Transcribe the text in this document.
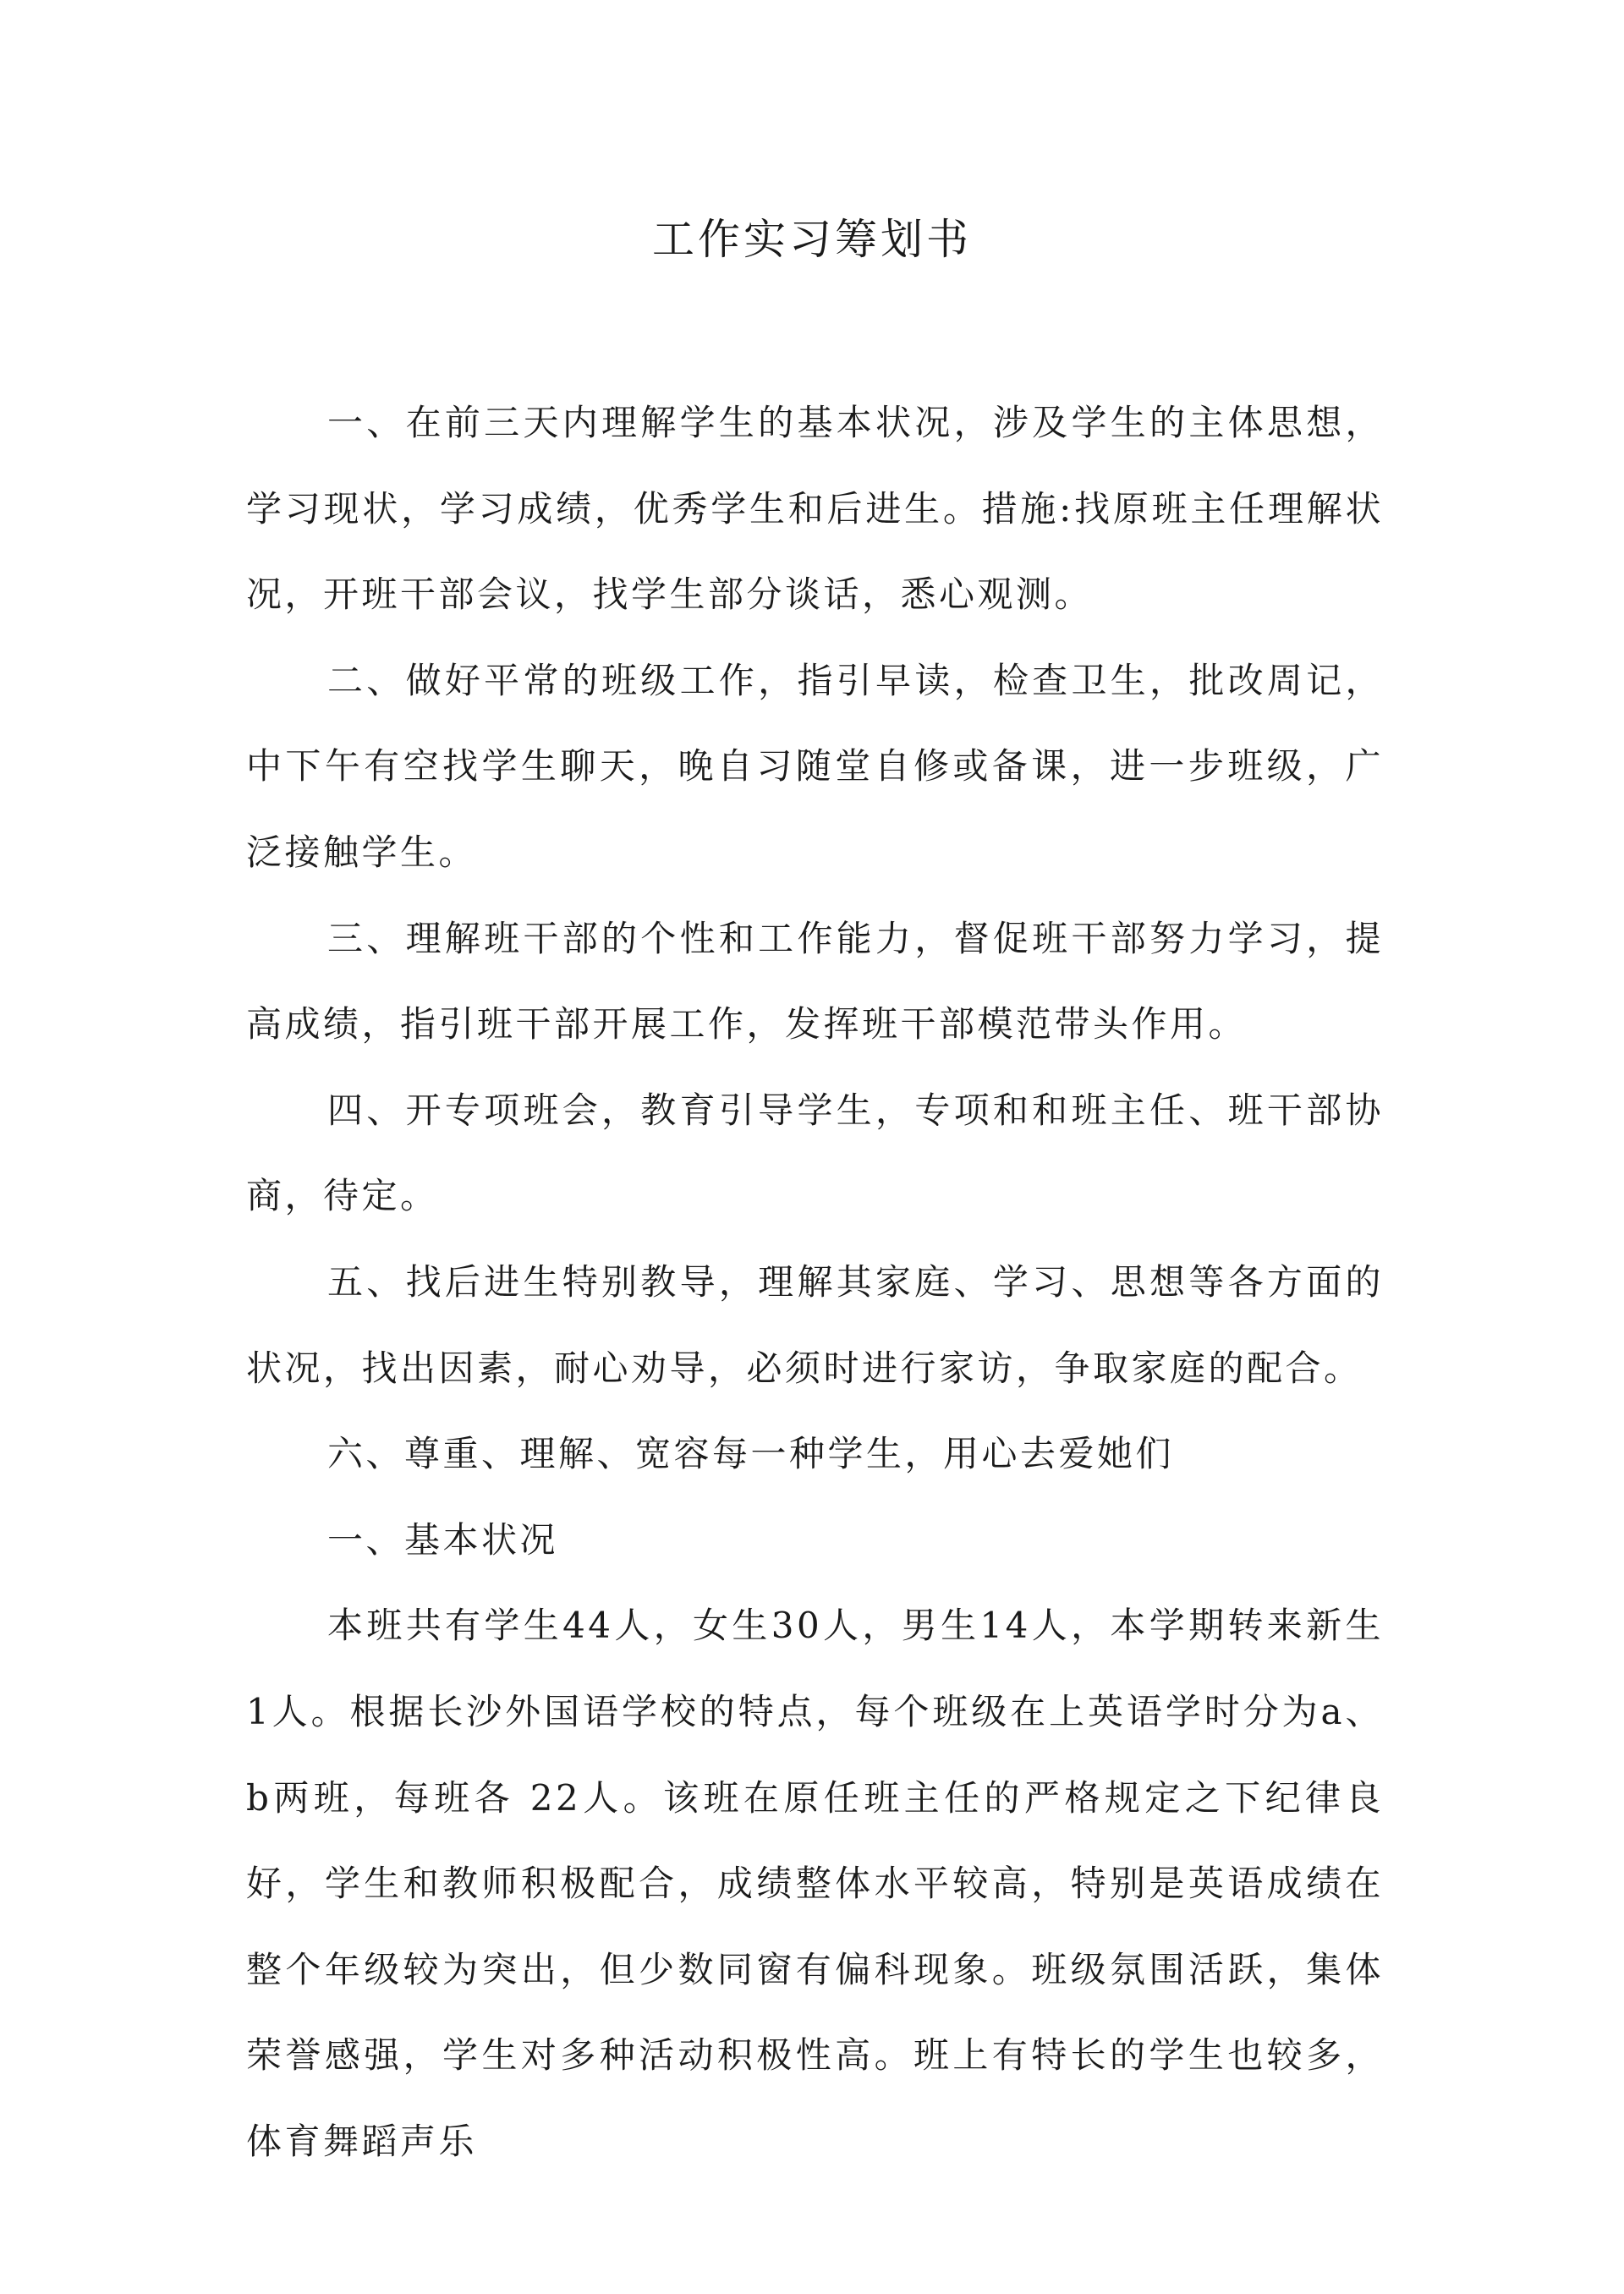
工作实习筹划书

一、在前三天内理解学生的基本状况，涉及学生的主体思想，学习现状，学习成绩，优秀学生和后进生。措施:找原班主任理解状况，开班干部会议，找学生部分谈话，悉心观测。

二、做好平常的班级工作，指引早读，检查卫生，批改周记，中下午有空找学生聊天，晚自习随堂自修或备课，进一步班级，广泛接触学生。

三、理解班干部的个性和工作能力，督促班干部努力学习，提高成绩，指引班干部开展工作，发挥班干部模范带头作用。

四、开专项班会，教育引导学生，专项和和班主任、班干部协商，待定。

五、找后进生特别教导，理解其家庭、学习、思想等各方面的状况，找出因素，耐心劝导，必须时进行家访，争取家庭的配合。

六、尊重、理解、宽容每一种学生，用心去爱她们

一、基本状况

本班共有学生44人，女生30人，男生14人，本学期转来新生1人。根据长沙外国语学校的特点，每个班级在上英语学时分为a、b两班，每班各 22人。该班在原任班主任的严格规定之下纪律良好，学生和教师积极配合，成绩整体水平较高，特别是英语成绩在整个年级较为突出，但少数同窗有偏科现象。班级氛围活跃，集体荣誉感强，学生对多种活动积极性高。班上有特长的学生也较多，体育舞蹈声乐
